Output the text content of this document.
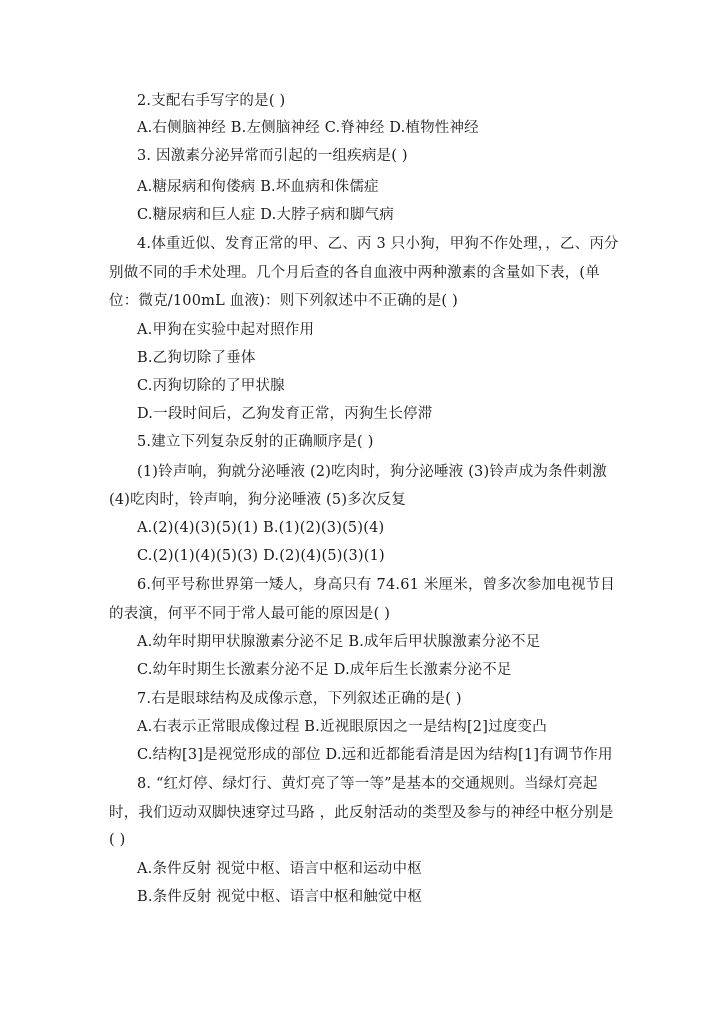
2.支配右手写字的是( )
A.右侧脑神经 B.左侧脑神经 C.脊神经 D.植物性神经
3. 因激素分泌异常而引起的一组疾病是( )
A.糖尿病和佝偻病 B.坏血病和侏儒症
C.糖尿病和巨人症 D.大脖子病和脚气病
4.体重近似、发育正常的甲、乙、丙 3 只小狗，甲狗不作处理，，乙、丙分
别做不同的手术处理。几个月后查的各自血液中两种激素的含量如下表，(单
位：微克/100mL 血液)：则下列叙述中不正确的是( )
A.甲狗在实验中起对照作用
B.乙狗切除了垂体
C.丙狗切除的了甲状腺
D.一段时间后，乙狗发育正常，丙狗生长停滞
5.建立下列复杂反射的正确顺序是( )
(1)铃声响，狗就分泌唾液 (2)吃肉时，狗分泌唾液 (3)铃声成为条件刺激
(4)吃肉时，铃声响，狗分泌唾液 (5)多次反复
A.(2)(4)(3)(5)(1) B.(1)(2)(3)(5)(4)
C.(2)(1)(4)(5)(3) D.(2)(4)(5)(3)(1)
6.何平号称世界第一矮人，身高只有 74.61 米厘米，曾多次参加电视节目
的表演，何平不同于常人最可能的原因是( )
A.幼年时期甲状腺激素分泌不足 B.成年后甲状腺激素分泌不足
C.幼年时期生长激素分泌不足 D.成年后生长激素分泌不足
7.右是眼球结构及成像示意，下列叙述正确的是( )
A.右表示正常眼成像过程 B.近视眼原因之一是结构[2]过度变凸
C.结构[3]是视觉形成的部位 D.远和近都能看清是因为结构[1]有调节作用
8. “红灯停、绿灯行、黄灯亮了等一等”是基本的交通规则。当绿灯亮起
时，我们迈动双脚快速穿过马路 ，此反射活动的类型及参与的神经中枢分别是
( )
A.条件反射 视觉中枢、语言中枢和运动中枢
B.条件反射 视觉中枢、语言中枢和触觉中枢
